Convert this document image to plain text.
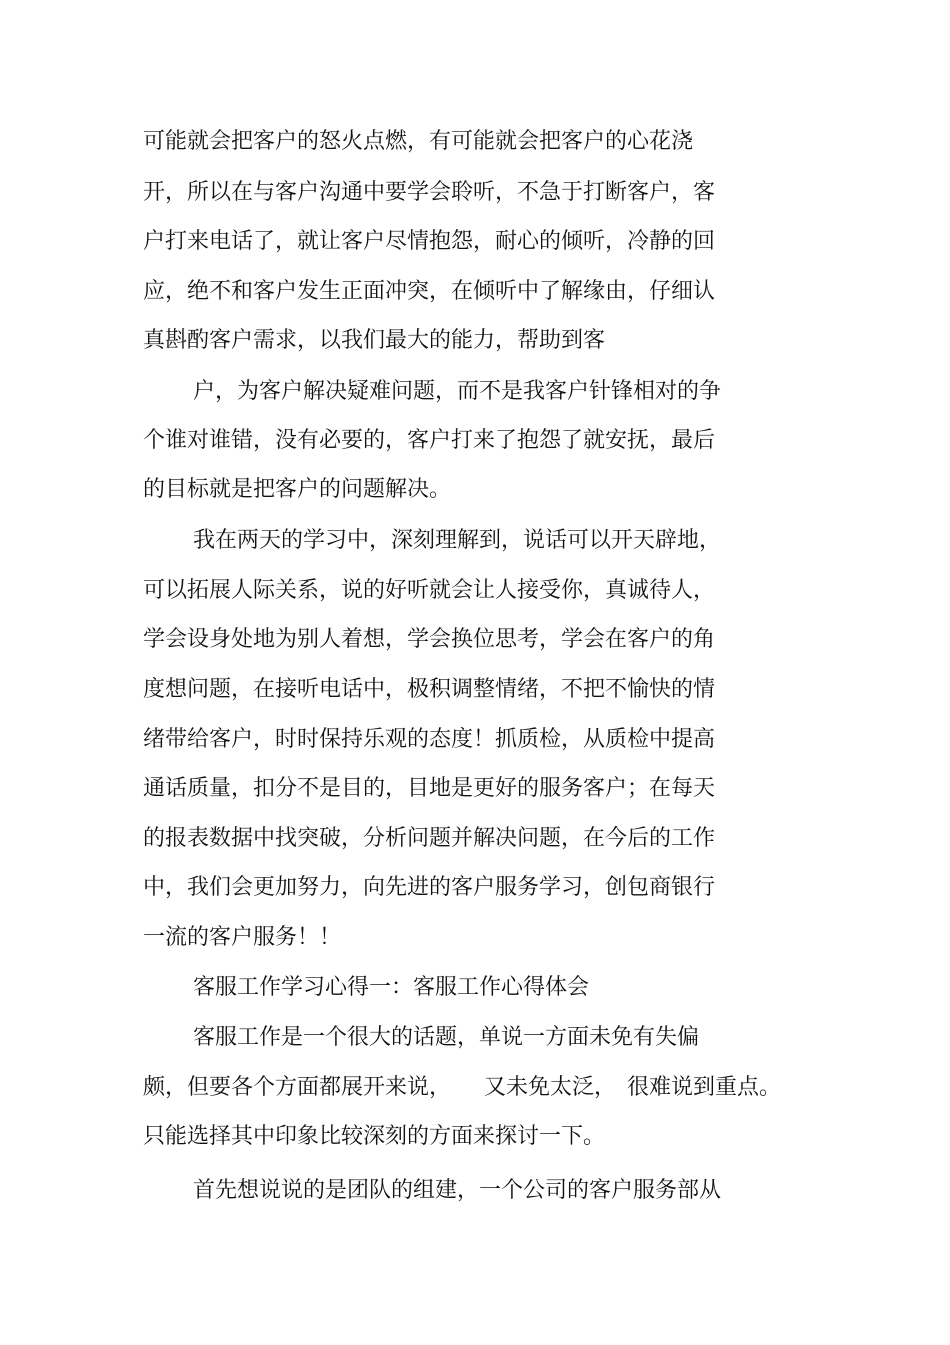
可能就会把客户的怒火点燃，有可能就会把客户的心花浇
开，所以在与客户沟通中要学会聆听，不急于打断客户，客
户打来电话了，就让客户尽情抱怨，耐心的倾听，冷静的回
应，绝不和客户发生正面冲突，在倾听中了解缘由，仔细认
真斟酌客户需求，以我们最大的能力，帮助到客
户，为客户解决疑难问题，而不是我客户针锋相对的争
个谁对谁错，没有必要的，客户打来了抱怨了就安抚，最后
的目标就是把客户的问题解决。
我在两天的学习中，深刻理解到，说话可以开天辟地，
可以拓展人际关系，说的好听就会让人接受你，真诚待人，
学会设身处地为别人着想，学会换位思考，学会在客户的角
度想问题，在接听电话中，极积调整情绪，不把不愉快的情
绪带给客户，时时保持乐观的态度！抓质检，从质检中提高
通话质量，扣分不是目的，目地是更好的服务客户；在每天
的报表数据中找突破，分析问题并解决问题，在今后的工作
中，我们会更加努力，向先进的客户服务学习，创包商银行
一流的客户服务！！
客服工作学习心得一：客服工作心得体会
客服工作是一个很大的话题，单说一方面未免有失偏
颇，但要各个方面都展开来说，　　又未免太泛，　很难说到重点。
只能选择其中印象比较深刻的方面来探讨一下。
首先想说说的是团队的组建，一个公司的客户服务部从
